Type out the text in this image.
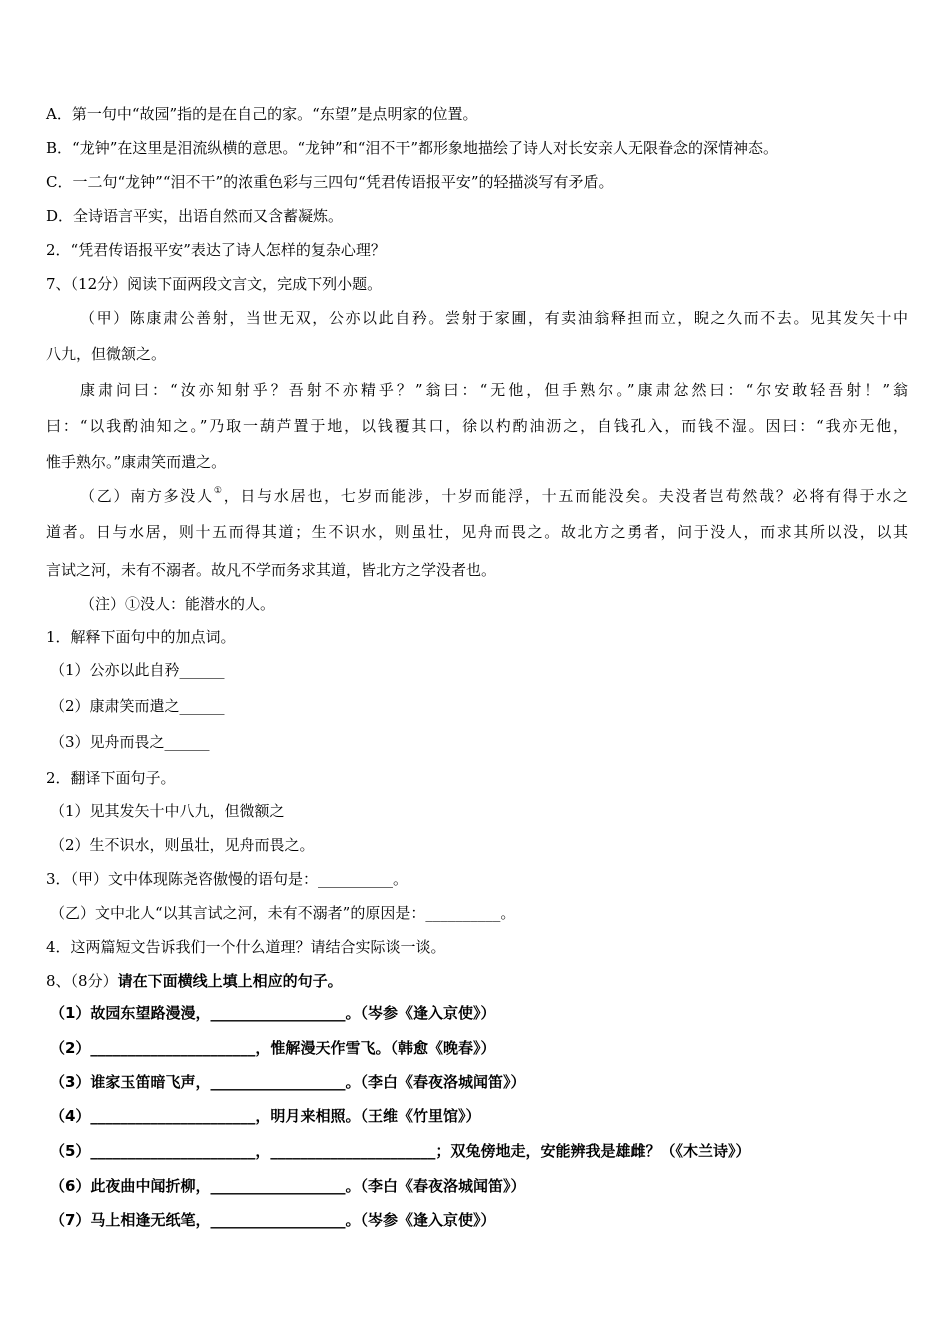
A．第一句中“故园”指的是在自己的家。“东望”是点明家的位置。
B．“龙钟”在这里是泪流纵横的意思。“龙钟”和“泪不干”都形象地描绘了诗人对长安亲人无限眷念的深情神态。
C．一二句“龙钟”“泪不干”的浓重色彩与三四句“凭君传语报平安”的轻描淡写有矛盾。
D．全诗语言平实，出语自然而又含蓄凝炼。
2．“凭君传语报平安”表达了诗人怎样的复杂心理？
7、（12分）阅读下面两段文言文，完成下列小题。
（甲）陈康肃公善射，当世无双，公亦以此自矜。尝射于家圃，有卖油翁释担而立，睨之久而不去。见其发矢十中
八九，但微颔之。
康肃问曰：“汝亦知射乎？吾射不亦精乎？”翁曰：“无他，但手熟尔。”康肃忿然曰：“尔安敢轻吾射！”翁
曰：“以我酌油知之。”乃取一葫芦置于地，以钱覆其口，徐以杓酌油沥之，自钱孔入，而钱不湿。因曰：“我亦无他，
惟手熟尔。”康肃笑而遣之。
（乙）南方多没人①，日与水居也，七岁而能涉，十岁而能浮，十五而能没矣。夫没者岂苟然哉？必将有得于水之
道者。日与水居，则十五而得其道；生不识水，则虽壮，见舟而畏之。故北方之勇者，问于没人，而求其所以没，以其
言试之河，未有不溺者。故凡不学而务求其道，皆北方之学没者也。
（注）①没人：能潜水的人。
1．解释下面句中的加点词。
（1）公亦以此自矜______
（2）康肃笑而遣之______
（3）见舟而畏之______
2．翻译下面句子。
（1）见其发矢十中八九，但微额之
（2）生不识水，则虽壮，见舟而畏之。
3．（甲）文中体现陈尧咨傲慢的语句是：__________。
（乙）文中北人“以其言试之河，未有不溺者”的原因是：__________。
4．这两篇短文告诉我们一个什么道理？请结合实际谈一谈。
8、（8分）请在下面横线上填上相应的句子。
（1）故园东望路漫漫，__________________。（岑参《逢入京使》）
（2）______________________，惟解漫天作雪飞。（韩愈《晚春》）
（3）谁家玉笛暗飞声，__________________。（李白《春夜洛城闻笛》）
（4）______________________，明月来相照。（王维《竹里馆》）
（5）______________________，______________________；双兔傍地走，安能辨我是雄雌？（《木兰诗》）
（6）此夜曲中闻折柳，__________________。（李白《春夜洛城闻笛》）
（7）马上相逢无纸笔，__________________。（岑参《逢入京使》）
